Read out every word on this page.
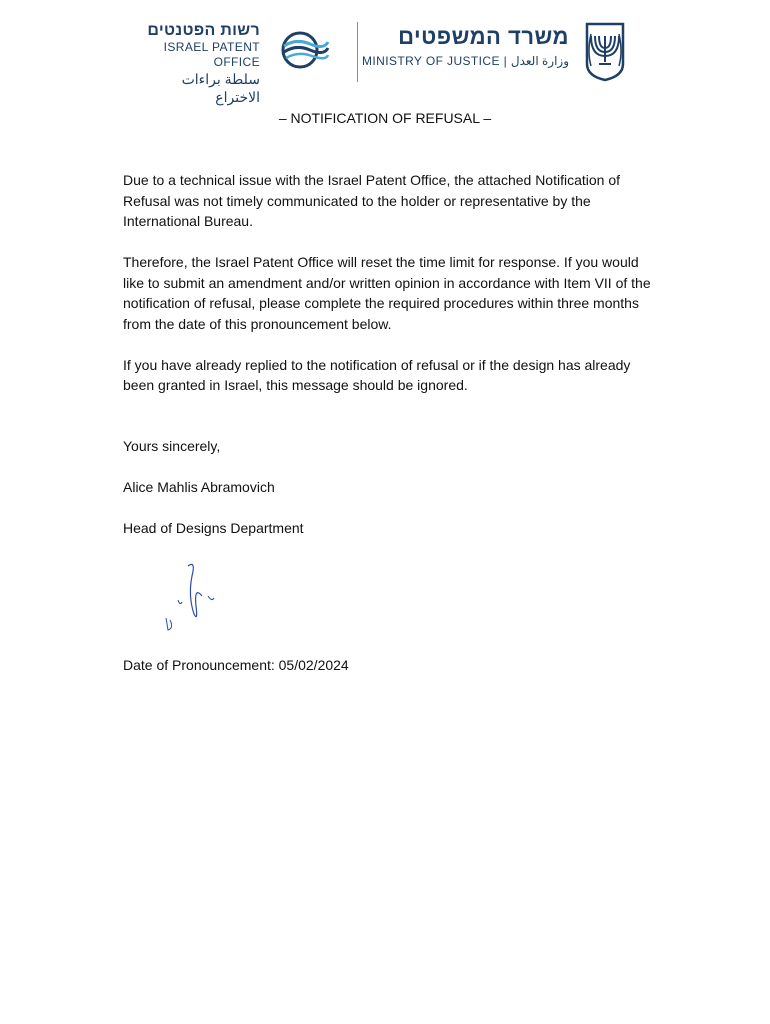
רשות הפטנטים
ISRAEL PATENT OFFICE
سلطة براءات الاختراع
משרד המשפטים
MINISTRY OF JUSTICE | وزارة العدل
– NOTIFICATION OF REFUSAL –

Due to a technical issue with the Israel Patent Office, the attached Notification of Refusal was not timely communicated to the holder or representative by the International Bureau.

Therefore, the Israel Patent Office will reset the time limit for response. If you would like to submit an amendment and/or written opinion in accordance with Item VII of the notification of refusal, please complete the required procedures within three months from the date of this pronouncement below.

If you have already replied to the notification of refusal or if the design has already been granted in Israel, this message should be ignored.

Yours sincerely,
Alice Mahlis Abramovich
Head of Designs Department
Date of Pronouncement: 05/02/2024
